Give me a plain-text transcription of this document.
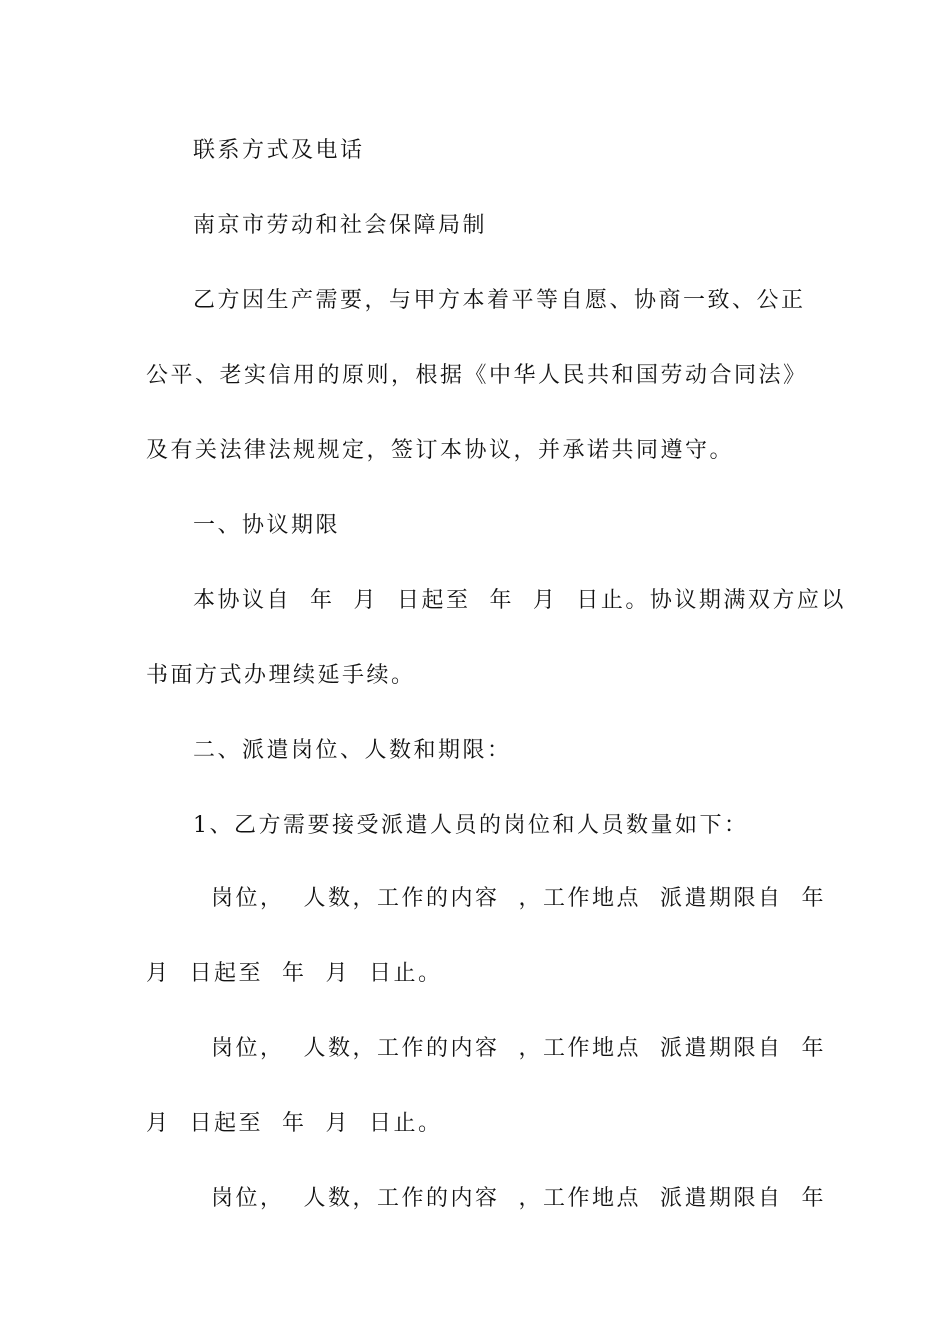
联系方式及电话

南京市劳动和社会保障局制

乙方因生产需要，与甲方本着平等自愿、协商一致、公正

公平、老实信用的原则，根据《中华人民共和国劳动合同法》

及有关法律法规规定，签订本协议，并承诺共同遵守。

一、协议期限

本协议自  年  月  日起至  年  月  日止。协议期满双方应以

书面方式办理续延手续。

二、派遣岗位、人数和期限：

1、乙方需要接受派遣人员的岗位和人员数量如下：

岗位，  人数，工作的内容  ，工作地点  派遣期限自  年

月  日起至  年  月  日止。

岗位，  人数，工作的内容  ，工作地点  派遣期限自  年

月  日起至  年  月  日止。

岗位，  人数，工作的内容  ，工作地点  派遣期限自  年
